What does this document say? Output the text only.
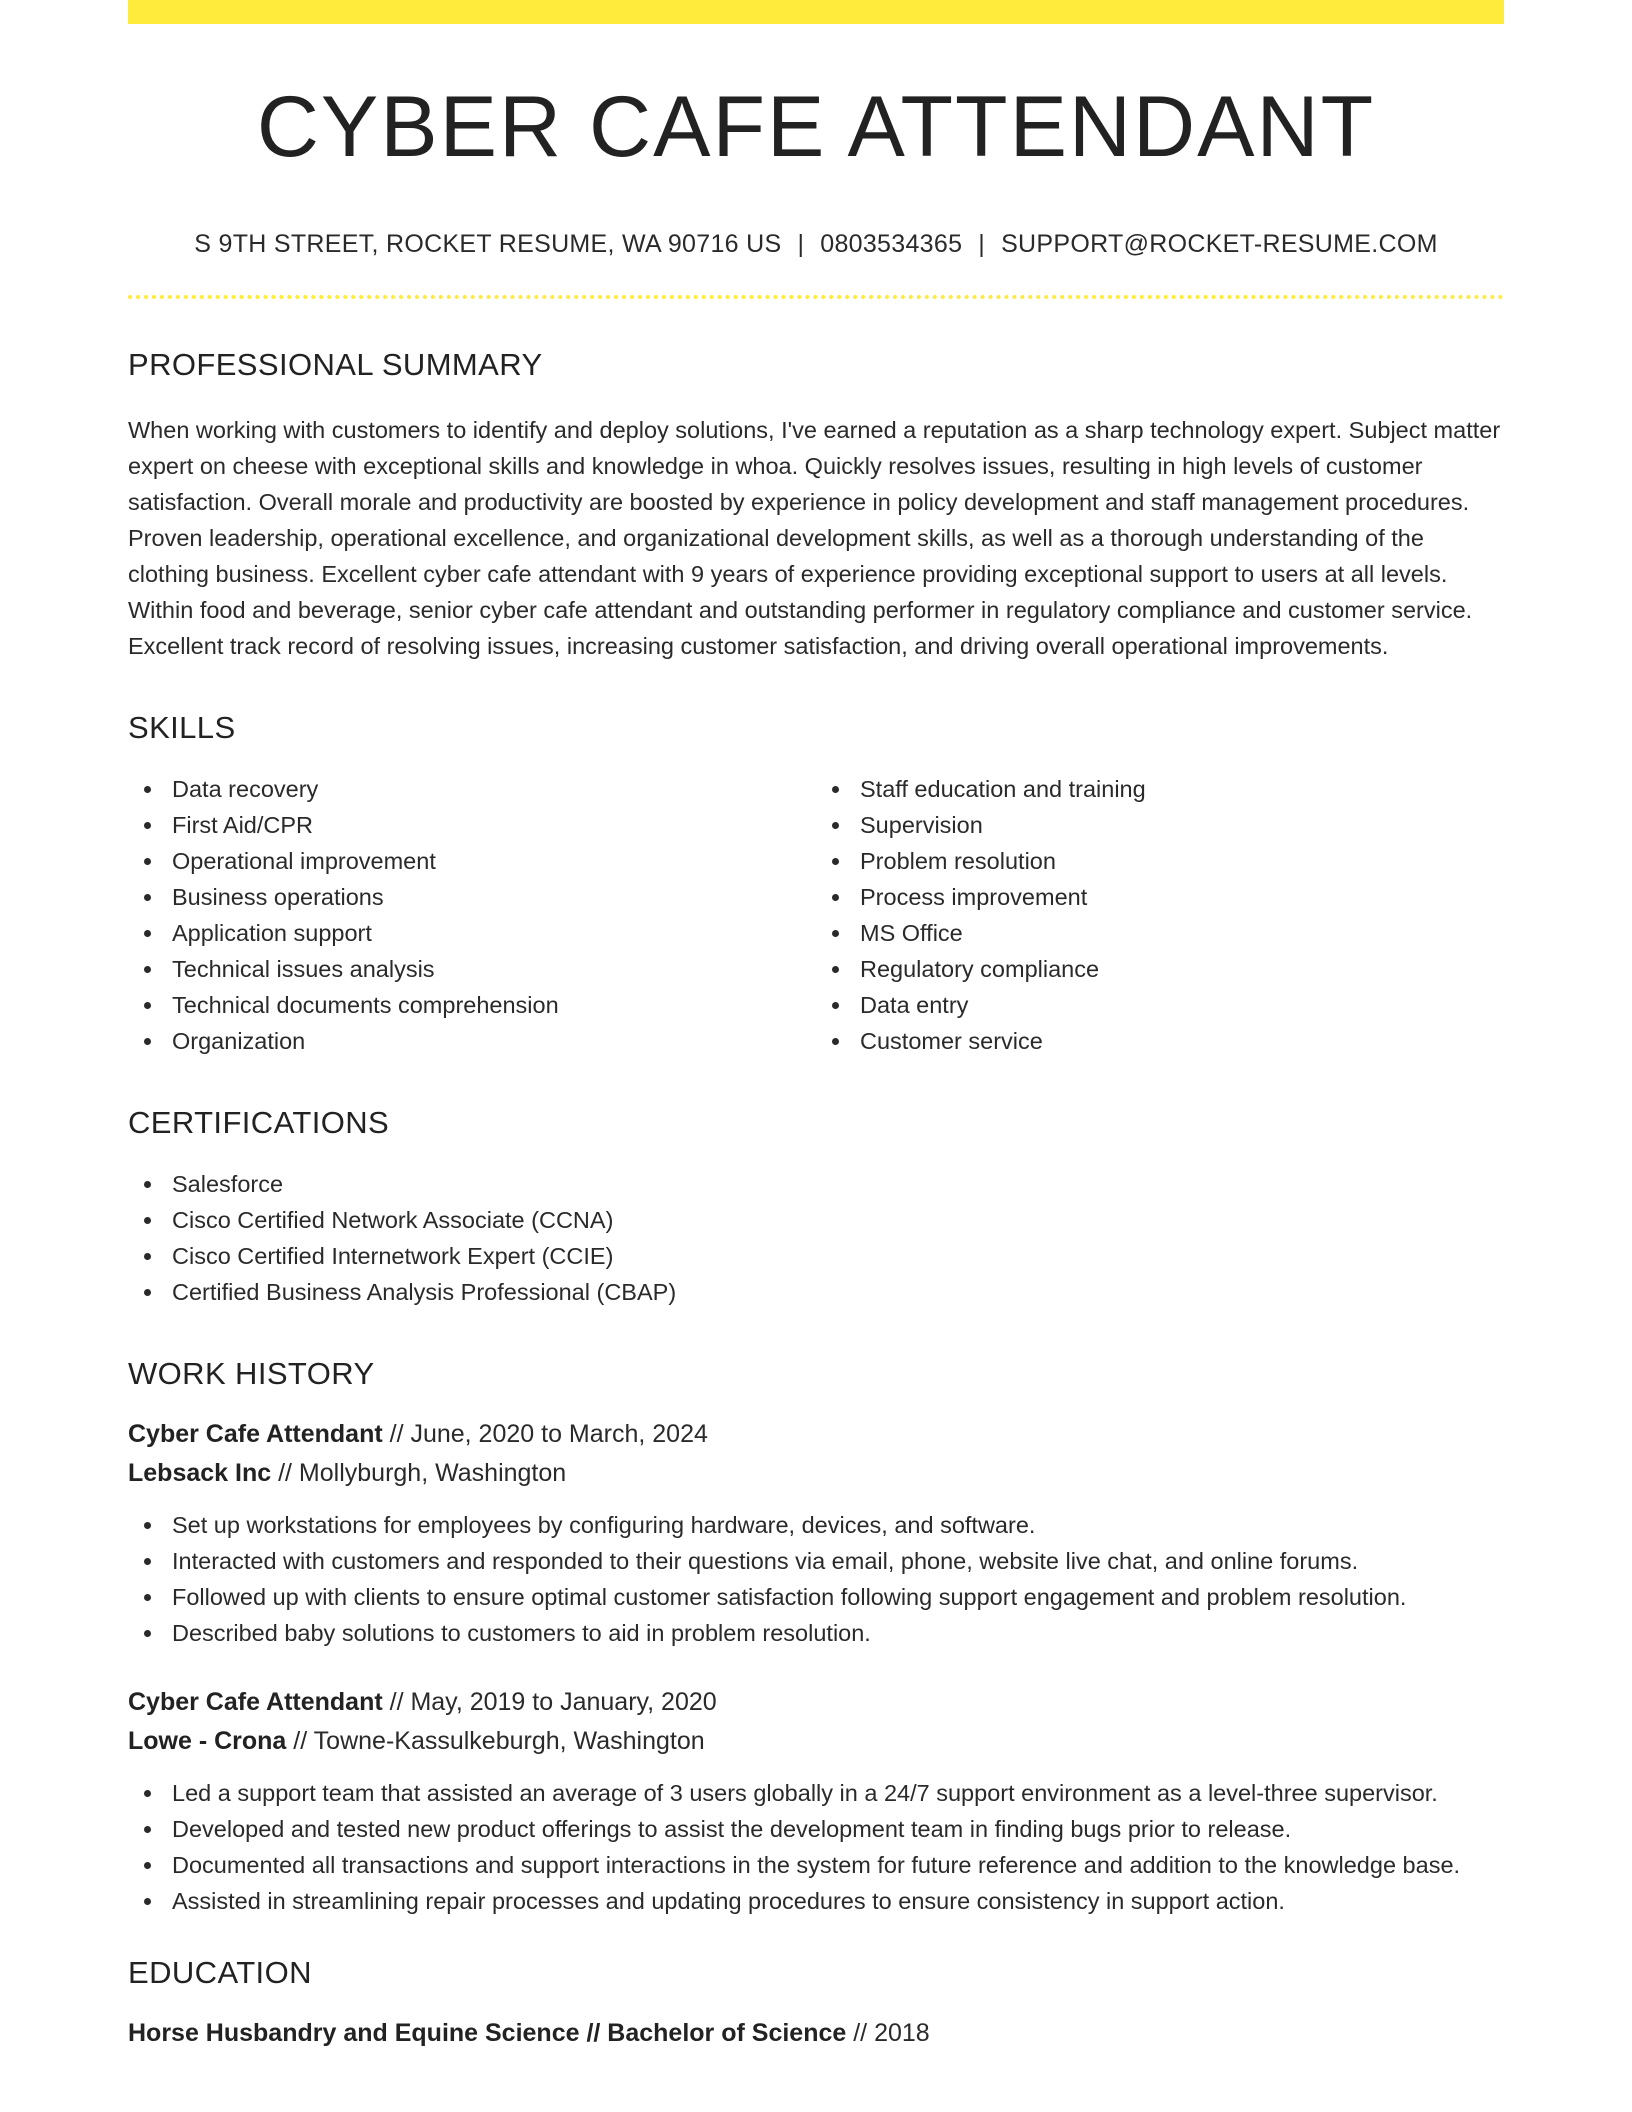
CYBER CAFE ATTENDANT
S 9TH STREET, ROCKET RESUME, WA 90716 US | 0803534365 | SUPPORT@ROCKET-RESUME.COM
PROFESSIONAL SUMMARY

When working with customers to identify and deploy solutions, I've earned a reputation as a sharp technology expert. Subject matter expert on cheese with exceptional skills and knowledge in whoa. Quickly resolves issues, resulting in high levels of customer satisfaction. Overall morale and productivity are boosted by experience in policy development and staff management procedures. Proven leadership, operational excellence, and organizational development skills, as well as a thorough understanding of the clothing business. Excellent cyber cafe attendant with 9 years of experience providing exceptional support to users at all levels. Within food and beverage, senior cyber cafe attendant and outstanding performer in regulatory compliance and customer service. Excellent track record of resolving issues, increasing customer satisfaction, and driving overall operational improvements.

SKILLS
Data recovery
First Aid/CPR
Operational improvement
Business operations
Application support
Technical issues analysis
Technical documents comprehension
Organization
Staff education and training
Supervision
Problem resolution
Process improvement
MS Office
Regulatory compliance
Data entry
Customer service
CERTIFICATIONS
Salesforce
Cisco Certified Network Associate (CCNA)
Cisco Certified Internetwork Expert (CCIE)
Certified Business Analysis Professional (CBAP)
WORK HISTORY
Cyber Cafe Attendant // June, 2020 to March, 2024
Lebsack Inc // Mollyburgh, Washington
Set up workstations for employees by configuring hardware, devices, and software.
Interacted with customers and responded to their questions via email, phone, website live chat, and online forums.
Followed up with clients to ensure optimal customer satisfaction following support engagement and problem resolution.
Described baby solutions to customers to aid in problem resolution.
Cyber Cafe Attendant // May, 2019 to January, 2020
Lowe - Crona // Towne-Kassulkeburgh, Washington
Led a support team that assisted an average of 3 users globally in a 24/7 support environment as a level-three supervisor.
Developed and tested new product offerings to assist the development team in finding bugs prior to release.
Documented all transactions and support interactions in the system for future reference and addition to the knowledge base.
Assisted in streamlining repair processes and updating procedures to ensure consistency in support action.
EDUCATION
Horse Husbandry and Equine Science // Bachelor of Science // 2018
